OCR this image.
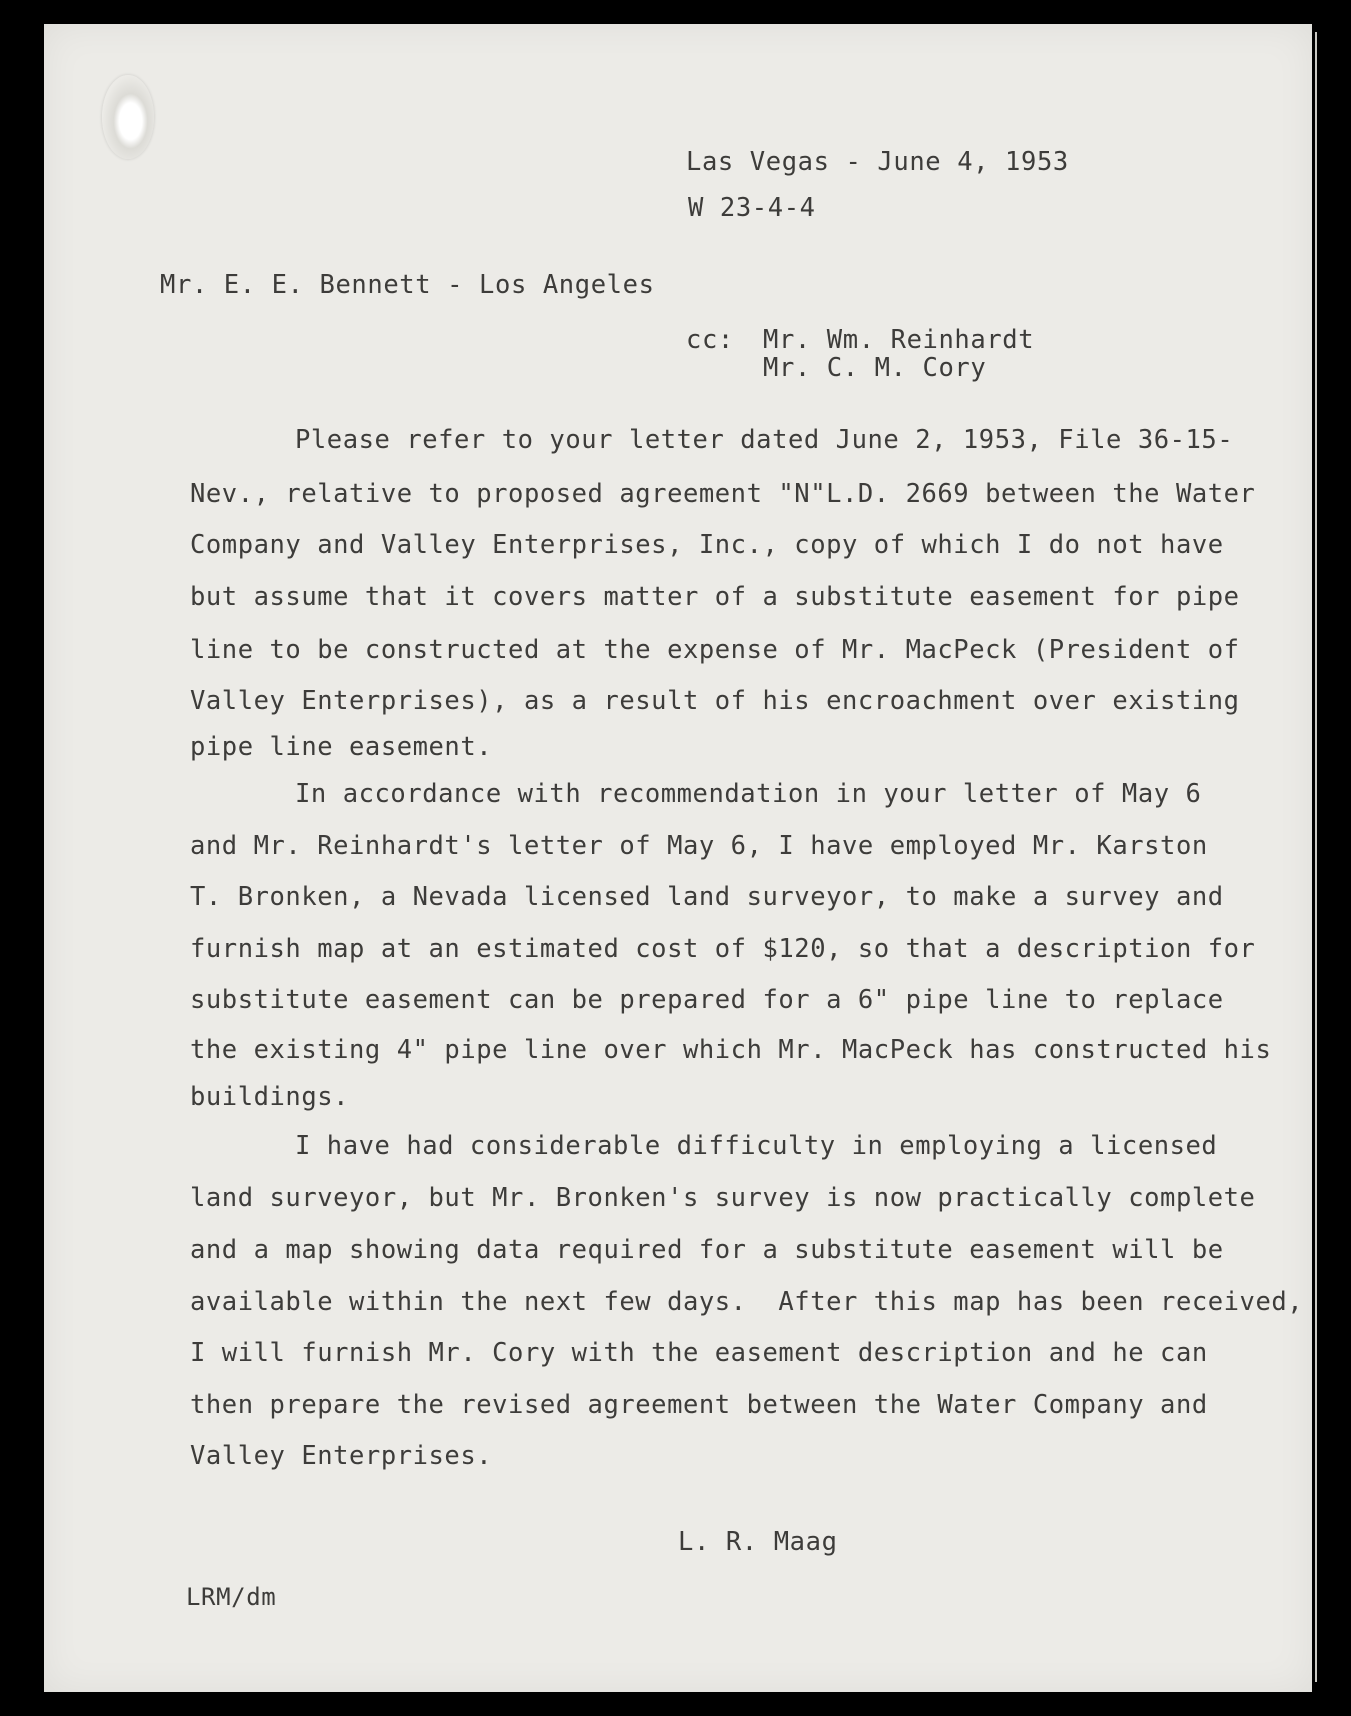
Las Vegas - June 4, 1953
W 23-4-4
Mr. E. E. Bennett - Los Angeles
cc: Mr. Wm. Reinhardt
Mr. C. M. Cory
Please refer to your letter dated June 2, 1953, File 36-15-
Nev., relative to proposed agreement "N"L.D. 2669 between the Water
Company and Valley Enterprises, Inc., copy of which I do not have
but assume that it covers matter of a substitute easement for pipe
line to be constructed at the expense of Mr. MacPeck (President of
Valley Enterprises), as a result of his encroachment over existing
pipe line easement.
In accordance with recommendation in your letter of May 6
and Mr. Reinhardt's letter of May 6, I have employed Mr. Karston
T. Bronken, a Nevada licensed land surveyor, to make a survey and
furnish map at an estimated cost of $120, so that a description for
substitute easement can be prepared for a 6" pipe line to replace
the existing 4" pipe line over which Mr. MacPeck has constructed his
buildings.
I have had considerable difficulty in employing a licensed
land surveyor, but Mr. Bronken's survey is now practically complete
and a map showing data required for a substitute easement will be
available within the next few days.  After this map has been received,
I will furnish Mr. Cory with the easement description and he can
then prepare the revised agreement between the Water Company and
Valley Enterprises.
L. R. Maag
LRM/dm
